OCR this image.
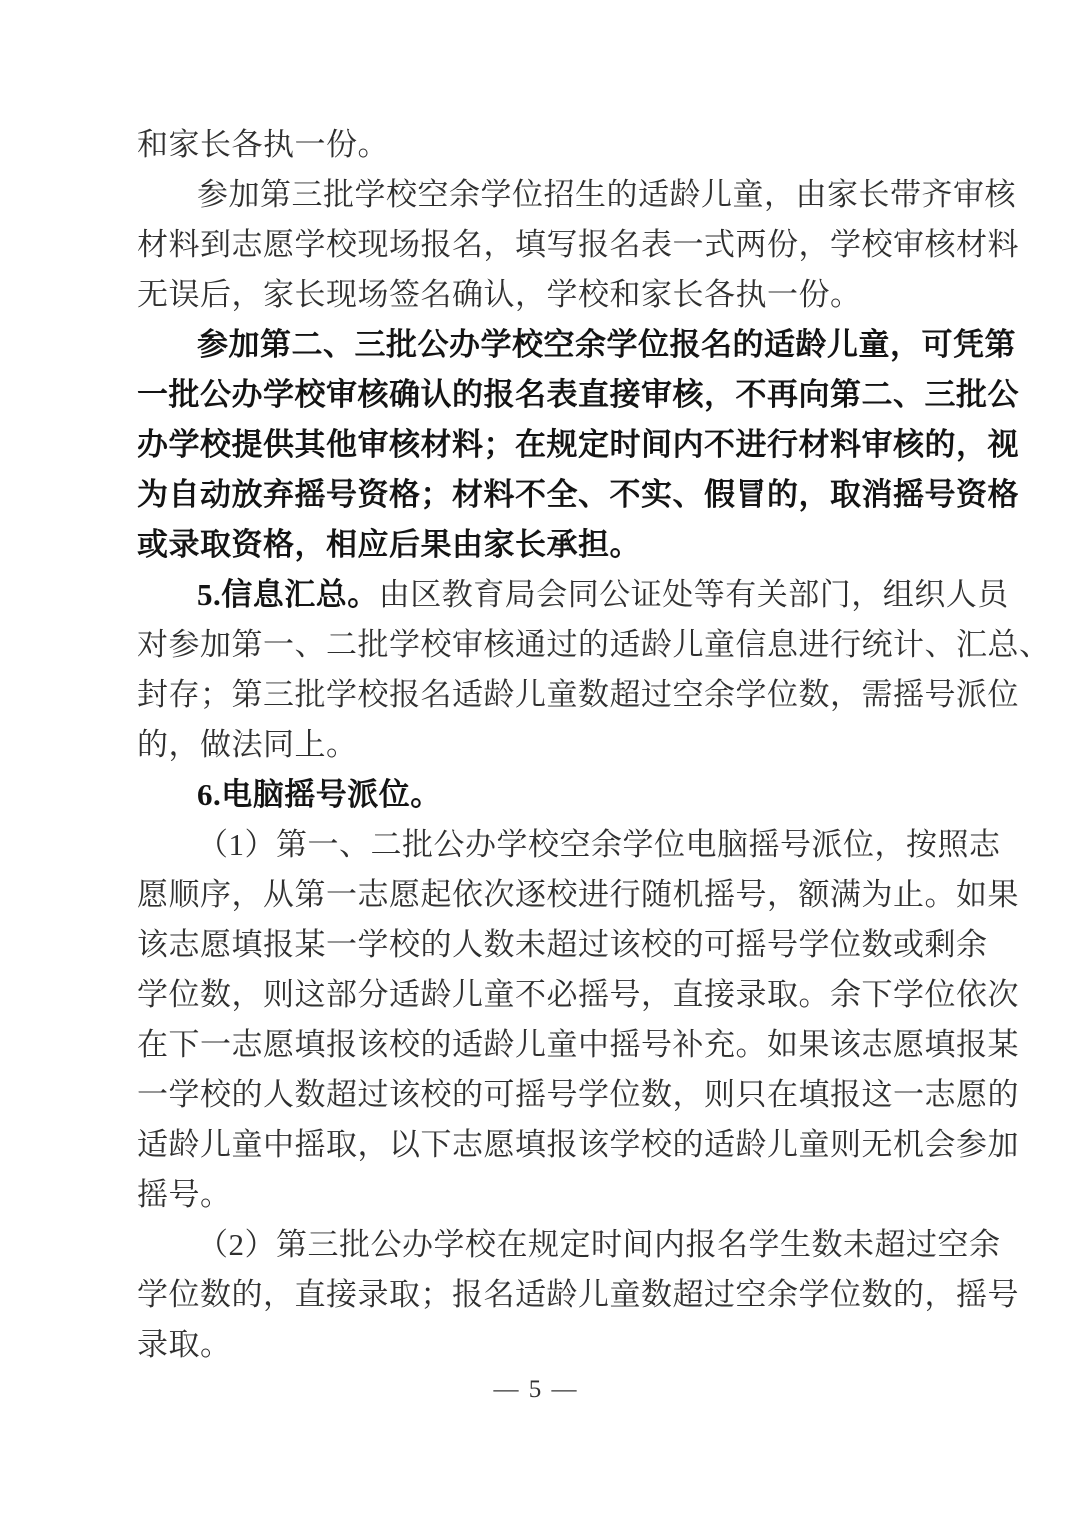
和家长各执一份。
参加第三批学校空余学位招生的适龄儿童，由家长带齐审核
材料到志愿学校现场报名，填写报名表一式两份，学校审核材料
无误后，家长现场签名确认，学校和家长各执一份。
参加第二、三批公办学校空余学位报名的适龄儿童，可凭第
一批公办学校审核确认的报名表直接审核，不再向第二、三批公
办学校提供其他审核材料；在规定时间内不进行材料审核的，视
为自动放弃摇号资格；材料不全、不实、假冒的，取消摇号资格
或录取资格，相应后果由家长承担。
5.信息汇总。由区教育局会同公证处等有关部门，组织人员
对参加第一、二批学校审核通过的适龄儿童信息进行统计、汇总、
封存；第三批学校报名适龄儿童数超过空余学位数，需摇号派位
的，做法同上。
6.电脑摇号派位。
（1）第一、二批公办学校空余学位电脑摇号派位，按照志
愿顺序，从第一志愿起依次逐校进行随机摇号，额满为止。如果
该志愿填报某一学校的人数未超过该校的可摇号学位数或剩余
学位数，则这部分适龄儿童不必摇号，直接录取。余下学位依次
在下一志愿填报该校的适龄儿童中摇号补充。如果该志愿填报某
一学校的人数超过该校的可摇号学位数，则只在填报这一志愿的
适龄儿童中摇取，以下志愿填报该学校的适龄儿童则无机会参加
摇号。
（2）第三批公办学校在规定时间内报名学生数未超过空余
学位数的，直接录取；报名适龄儿童数超过空余学位数的，摇号
录取。
— 5 —
